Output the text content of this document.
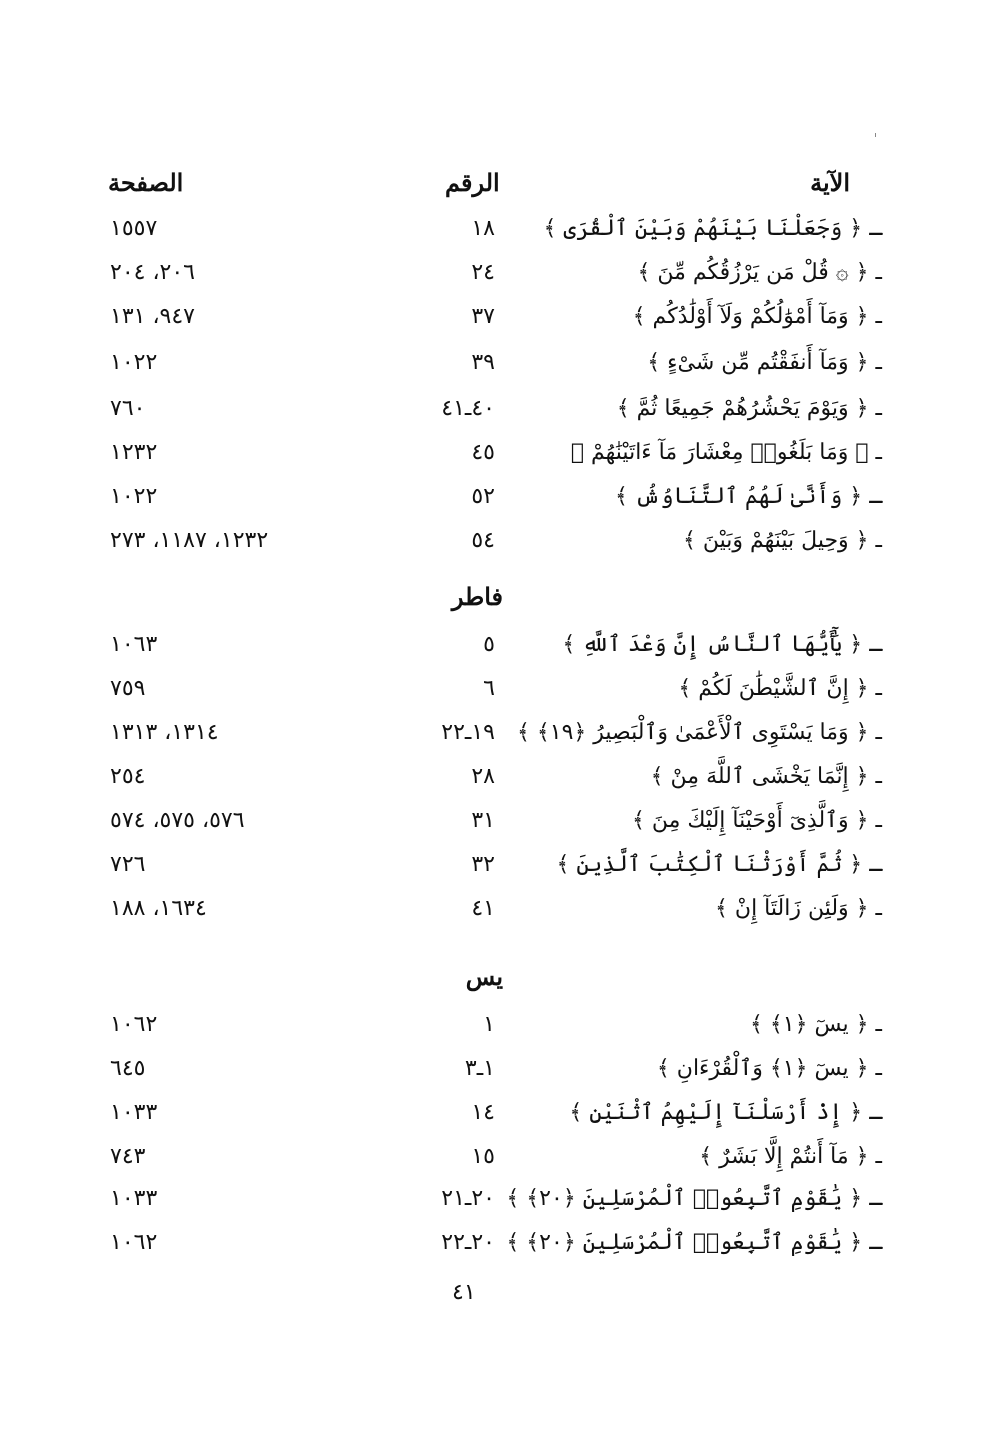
الآية
الرقم
الصفحة
ـ ﴿ وَجَعَلْنَا بَيْنَهُمْ وَبَيْنَ ٱلْقُرَى ﴾
١٨
١٥٥٧
ـ ﴿ ۞ قُلْ مَن يَرْزُقُكُم مِّنَ ﴾
٢٤
٢٠٦، ٢٠٤
ـ ﴿ وَمَآ أَمْوَٰلُكُمْ وَلَآ أَوْلَٰدُكُم ﴾
٣٧
٩٤٧، ١٣١
ـ ﴿ وَمَآ أَنفَقْتُم مِّن شَىْءٍ ﴾
٣٩
١٠٢٢
ـ ﴿ وَيَوْمَ يَحْشُرُهُمْ جَمِيعًا ثُمَّ ﴾
٤٠ـ٤١
٧٦٠
ـ ﴿ وَمَا بَلَغُوا۟ مِعْشَارَ مَآ ءَاتَيْنَٰهُمْ ﴾
٤٥
١٢٣٢
ـ ﴿ وَأَنَّىٰ لَهُمُ ٱلتَّنَاوُشُ ﴾
٥٢
١٠٢٢
ـ ﴿ وَحِيلَ بَيْنَهُمْ وَبَيْنَ ﴾
٥٤
١٢٣٢، ١١٨٧، ٢٧٣
فاطر
ـ ﴿ يَٰٓأَيُّهَا ٱلنَّاسُ إِنَّ وَعْدَ ٱللَّهِ ﴾
٥
١٠٦٣
ـ ﴿ إِنَّ ٱلشَّيْطَٰنَ لَكُمْ ﴾
٦
٧٥٩
ـ ﴿ وَمَا يَسْتَوِى ٱلْأَعْمَىٰ وَٱلْبَصِيرُ ﴿١٩﴾ ﴾
١٩ـ٢٢
١٣١٤، ١٣١٣
ـ ﴿ إِنَّمَا يَخْشَى ٱللَّهَ مِنْ ﴾
٢٨
٢٥٤
ـ ﴿ وَٱلَّذِىٓ أَوْحَيْنَآ إِلَيْكَ مِنَ ﴾
٣١
٥٧٦، ٥٧٥، ٥٧٤
ـ ﴿ ثُمَّ أَوْرَثْنَا ٱلْكِتَٰبَ ٱلَّذِينَ ﴾
٣٢
٧٢٦
ـ ﴿ وَلَئِن زَالَتَآ إِنْ ﴾
٤١
١٦٣٤، ١٨٨
يس
ـ ﴿ يسٓ ﴿١﴾ ﴾
١
١٠٦٢
ـ ﴿ يسٓ ﴿١﴾ وَٱلْقُرْءَانِ ﴾
١ـ٣
٦٤٥
ـ ﴿ إِذْ أَرْسَلْنَآ إِلَيْهِمُ ٱثْنَيْنِ ﴾
١٤
١٠٣٣
ـ ﴿ مَآ أَنتُمْ إِلَّا بَشَرٌ ﴾
١٥
٧٤٣
ـ ﴿ يَٰقَوْمِ ٱتَّبِعُوا۟ ٱلْمُرْسَلِينَ ﴿٢٠﴾ ﴾
٢٠ـ٢١
١٠٣٣
ـ ﴿ يَٰقَوْمِ ٱتَّبِعُوا۟ ٱلْمُرْسَلِينَ ﴿٢٠﴾ ﴾
٢٠ـ٢٢
١٠٦٢
٤١
